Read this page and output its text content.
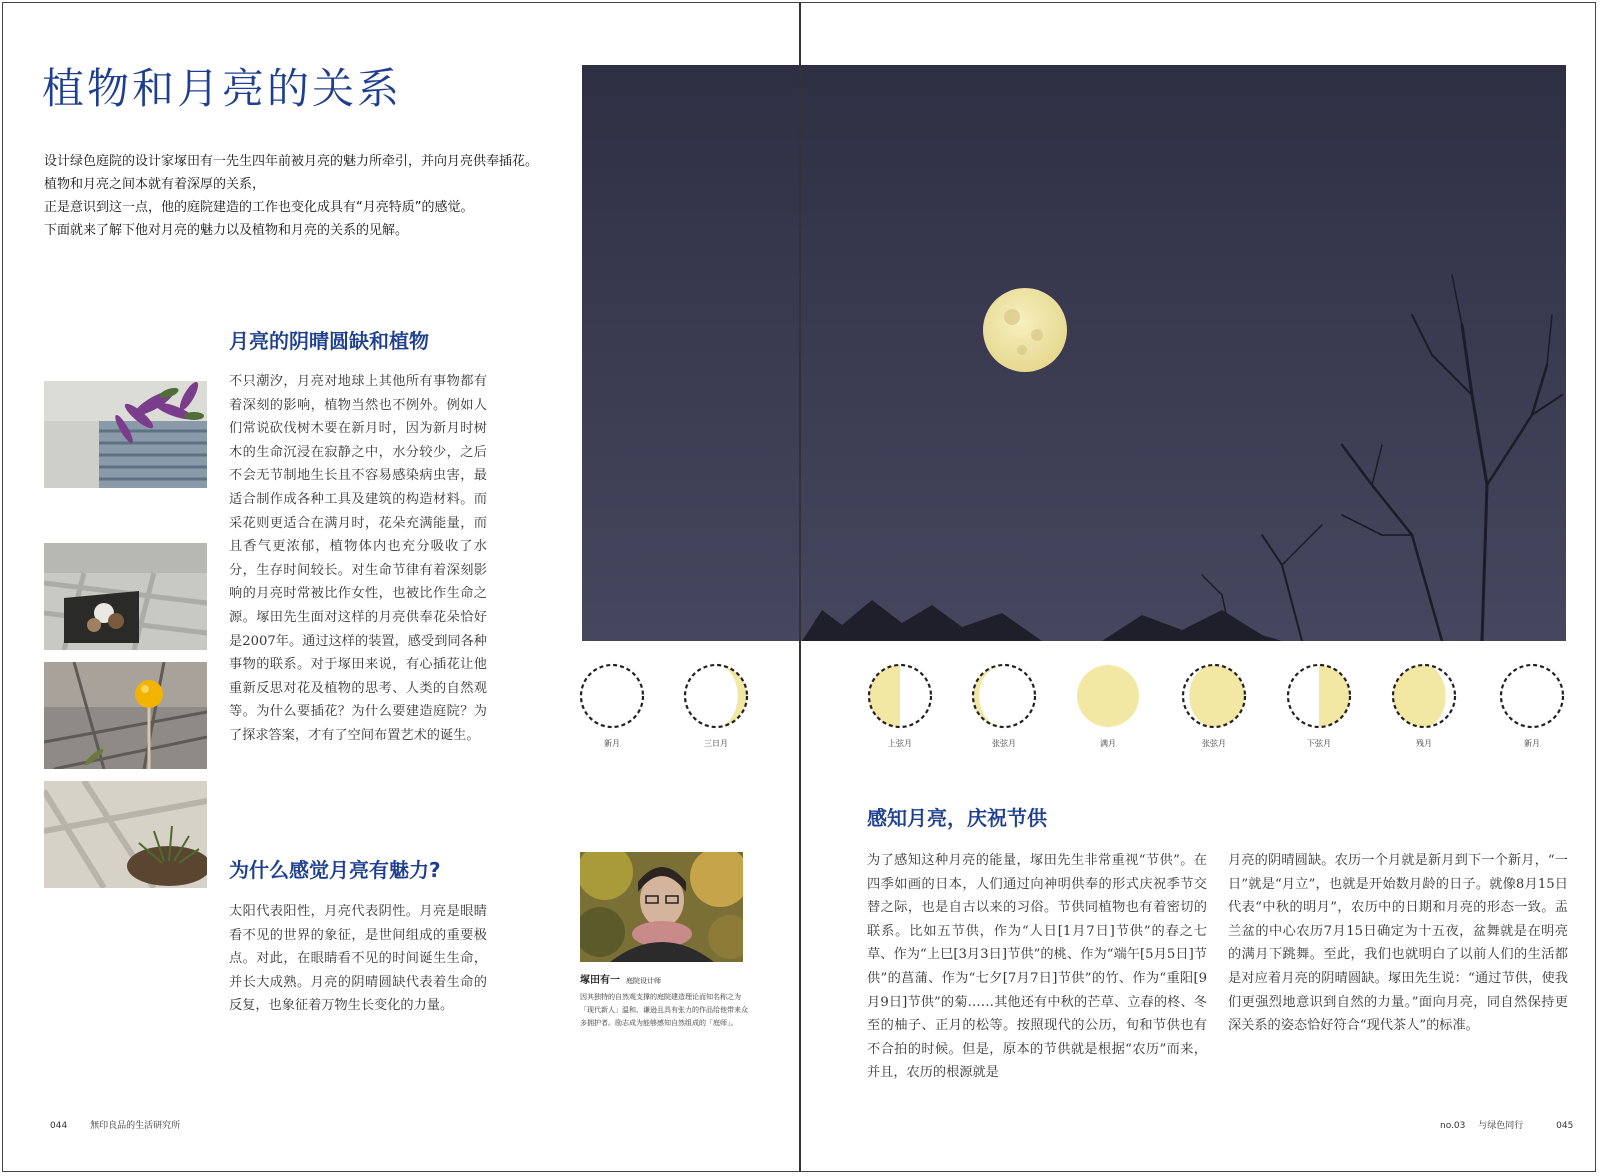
植物和月亮的关系

设计绿色庭院的设计家塚田有一先生四年前被月亮的魅力所牵引，并向月亮供奉插花。

植物和月亮之间本就有着深厚的关系，

正是意识到这一点，他的庭院建造的工作也变化成具有“月亮特质”的感觉。

下面就来了解下他对月亮的魅力以及植物和月亮的关系的见解。

月亮的阴晴圆缺和植物
不只潮汐，月亮对地球上其他所有事物都有着深刻的影响，植物当然也不例外。例如人们常说砍伐树木要在新月时，因为新月时树木的生命沉浸在寂静之中，水分较少，之后不会无节制地生长且不容易感染病虫害，最适合制作成各种工具及建筑的构造材料。而采花则更适合在满月时，花朵充满能量，而且香气更浓郁，植物体内也充分吸收了水分，生存时间较长。对生命节律有着深刻影响的月亮时常被比作女性，也被比作生命之源。塚田先生面对这样的月亮供奉花朵恰好是2007年。通过这样的装置，感受到同各种事物的联系。对于塚田来说，有心插花让他重新反思对花及植物的思考、人类的自然观等。为什么要插花？为什么要建造庭院？为了探求答案，才有了空间布置艺术的诞生。
为什么感觉月亮有魅力?
太阳代表阳性，月亮代表阴性。月亮是眼睛看不见的世界的象征，是世间组成的重要极点。对此，在眼睛看不见的时间诞生生命，并长大成熟。月亮的阴晴圆缺代表着生命的反复，也象征着万物生长变化的力量。
塚田有一 庭院设计师
因其独特的自然观支撑的庭院建造理论而知名称之为「现代新人」温和、谦逊且具有张力的作品给他带来众多拥护者。励志成为能够感知自然组成的「庭师」。
新月	三日月	上弦月	张弦月	满月	张弦月	下弦月	残月	新月
感知月亮，庆祝节供
为了感知这种月亮的能量，塚田先生非常重视“节供”。在四季如画的日本，人们通过向神明供奉的形式庆祝季节交替之际，也是自古以来的习俗。节供同植物也有着密切的联系。比如五节供，作为“人日[1月7日]节供”的春之七草、作为“上巳[3月3日]节供”的桃、作为“端午[5月5日]节供”的菖蒲、作为“七夕[7月7日]节供”的竹、作为“重阳[9月9日]节供”的菊……其他还有中秋的芒草、立春的柊、冬至的柚子、正月的松等。按照现代的公历，旬和节供也有不合拍的时候。但是，原本的节供就是根据“农历”而来，并且，农历的根源就是
月亮的阴晴圆缺。农历一个月就是新月到下一个新月，“一日”就是“月立”，也就是开始数月龄的日子。就像8月15日代表“中秋的明月”，农历中的日期和月亮的形态一致。盂兰盆的中心农历7月15日确定为十五夜，盆舞就是在明亮的满月下跳舞。至此，我们也就明白了以前人们的生活都是对应着月亮的阴晴圆缺。塚田先生说：“通过节供，使我们更强烈地意识到自然的力量。”面向月亮，同自然保持更深关系的姿态恰好符合“现代茶人”的标准。
044	無印良品的生活研究所	no.03 与绿色同行	045
